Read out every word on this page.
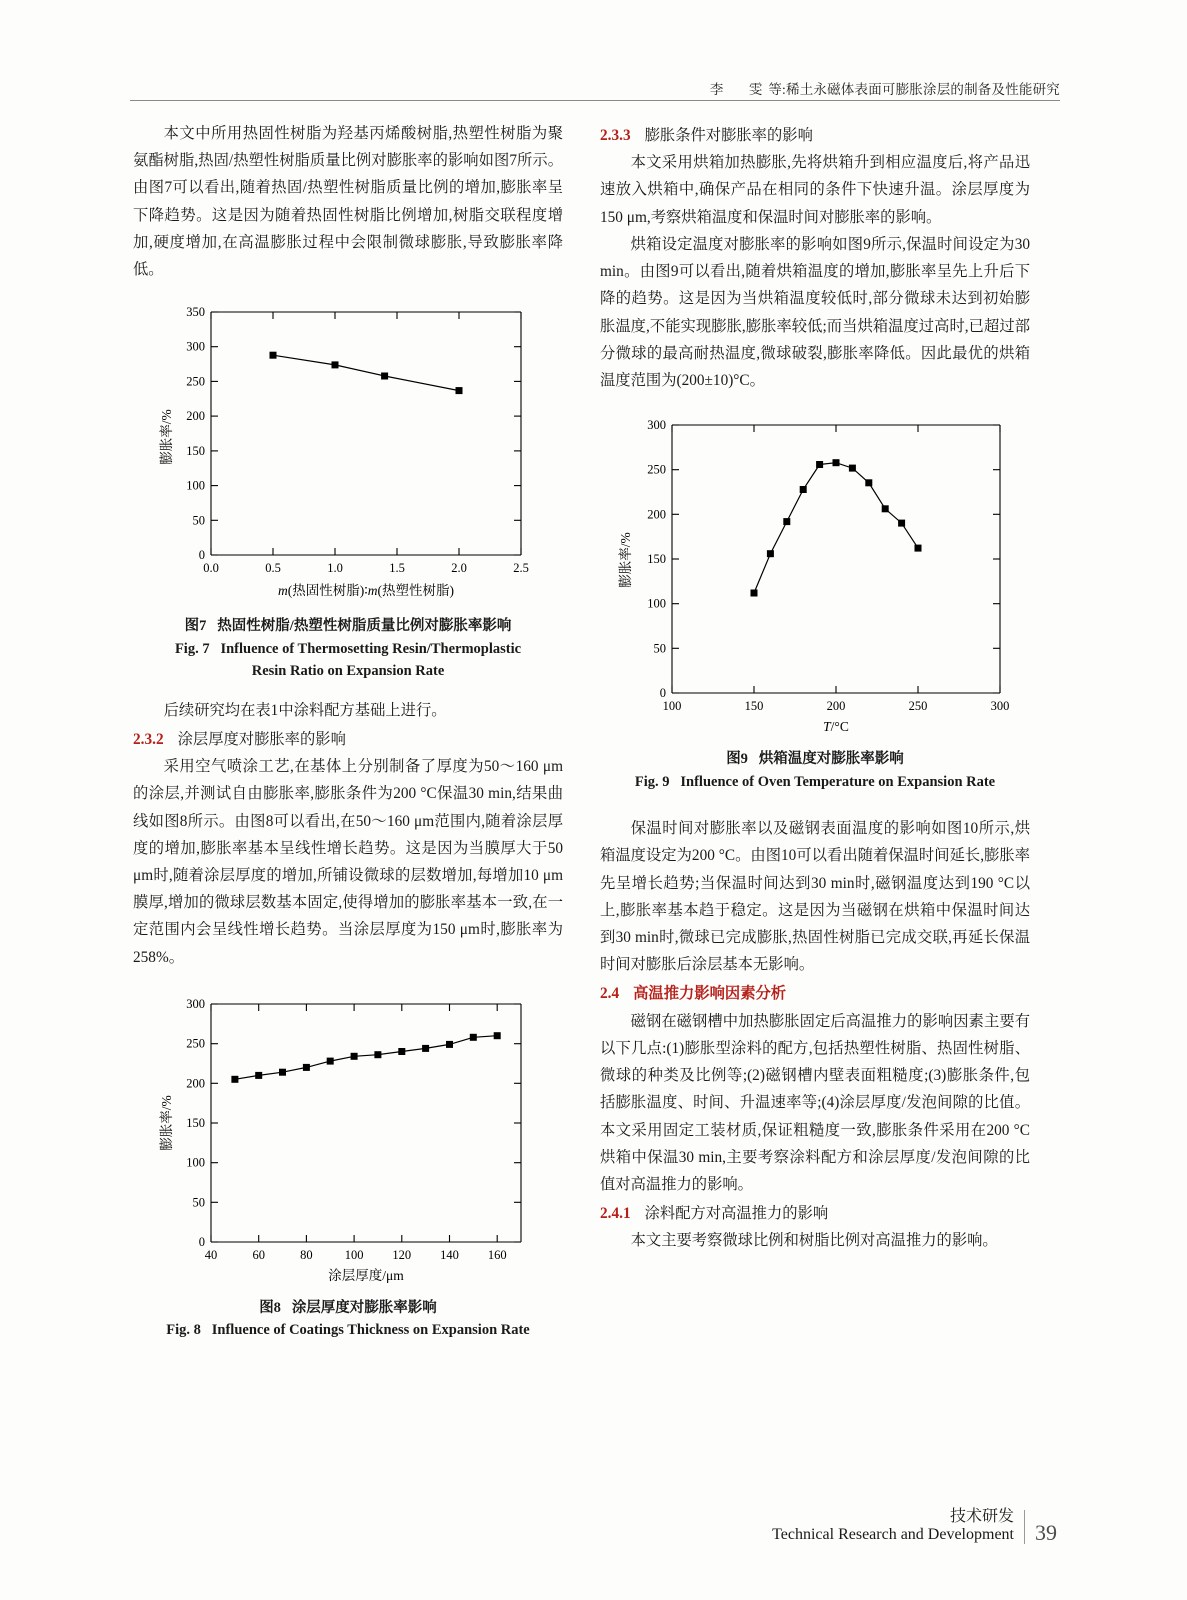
李　雯等:稀土永磁体表面可膨胀涂层的制备及性能研究

本文中所用热固性树脂为羟基丙烯酸树脂,热塑性树脂为聚氨酯树脂,热固/热塑性树脂质量比例对膨胀率的影响如图7所示。由图7可以看出,随着热固/热塑性树脂质量比例的增加,膨胀率呈下降趋势。这是因为随着热固性树脂比例增加,树脂交联程度增加,硬度增加,在高温膨胀过程中会限制微球膨胀,导致膨胀率降低。

0
50
100
150
200
250
300
350
0.0	0.5	1.0	1.5	2.0	2.5
膨胀率/%
m(热固性树脂)∶m(热塑性树脂)
图7 热固性树脂/热塑性树脂质量比例对膨胀率影响
Fig. 7 Influence of Thermosetting Resin/Thermoplastic
Resin Ratio on Expansion Rate

后续研究均在表1中涂料配方基础上进行。

2.3.2 涂层厚度对膨胀率的影响

采用空气喷涂工艺,在基体上分别制备了厚度为50～160 μm的涂层,并测试自由膨胀率,膨胀条件为200 °C保温30 min,结果曲线如图8所示。由图8可以看出,在50～160 μm范围内,随着涂层厚度的增加,膨胀率基本呈线性增长趋势。这是因为当膜厚大于50 μm时,随着涂层厚度的增加,所铺设微球的层数增加,每增加10 μm膜厚,增加的微球层数基本固定,使得增加的膨胀率基本一致,在一定范围内会呈线性增长趋势。当涂层厚度为150 μm时,膨胀率为258%。

0
50
100
150
200
250
300
40	60	80	100 120 140 160
膨胀率/%
涂层厚度/μm
图8 涂层厚度对膨胀率影响
Fig. 8 Influence of Coatings Thickness on Expansion Rate
2.3.3 膨胀条件对膨胀率的影响

本文采用烘箱加热膨胀,先将烘箱升到相应温度后,将产品迅速放入烘箱中,确保产品在相同的条件下快速升温。涂层厚度为150 μm,考察烘箱温度和保温时间对膨胀率的影响。

烘箱设定温度对膨胀率的影响如图9所示,保温时间设定为30 min。由图9可以看出,随着烘箱温度的增加,膨胀率呈先上升后下降的趋势。这是因为当烘箱温度较低时,部分微球未达到初始膨胀温度,不能实现膨胀,膨胀率较低;而当烘箱温度过高时,已超过部分微球的最高耐热温度,微球破裂,膨胀率降低。因此最优的烘箱温度范围为(200±10)°C。

0
50
100
150
200
250
300
100	150	200	250	300
膨胀率/%
T/°C
图9 烘箱温度对膨胀率影响
Fig. 9 Influence of Oven Temperature on Expansion Rate

保温时间对膨胀率以及磁钢表面温度的影响如图10所示,烘箱温度设定为200 °C。由图10可以看出随着保温时间延长,膨胀率先呈增长趋势;当保温时间达到30 min时,磁钢温度达到190 °C以上,膨胀率基本趋于稳定。这是因为当磁钢在烘箱中保温时间达到30 min时,微球已完成膨胀,热固性树脂已完成交联,再延长保温时间对膨胀后涂层基本无影响。

2.4 高温推力影响因素分析

磁钢在磁钢槽中加热膨胀固定后高温推力的影响因素主要有以下几点:(1)膨胀型涂料的配方,包括热塑性树脂、热固性树脂、微球的种类及比例等;(2)磁钢槽内壁表面粗糙度;(3)膨胀条件,包括膨胀温度、时间、升温速率等;(4)涂层厚度/发泡间隙的比值。本文采用固定工装材质,保证粗糙度一致,膨胀条件采用在200 °C烘箱中保温30 min,主要考察涂料配方和涂层厚度/发泡间隙的比值对高温推力的影响。

2.4.1 涂料配方对高温推力的影响

本文主要考察微球比例和树脂比例对高温推力的影响。

技术研发
Technical Research and Development 39
